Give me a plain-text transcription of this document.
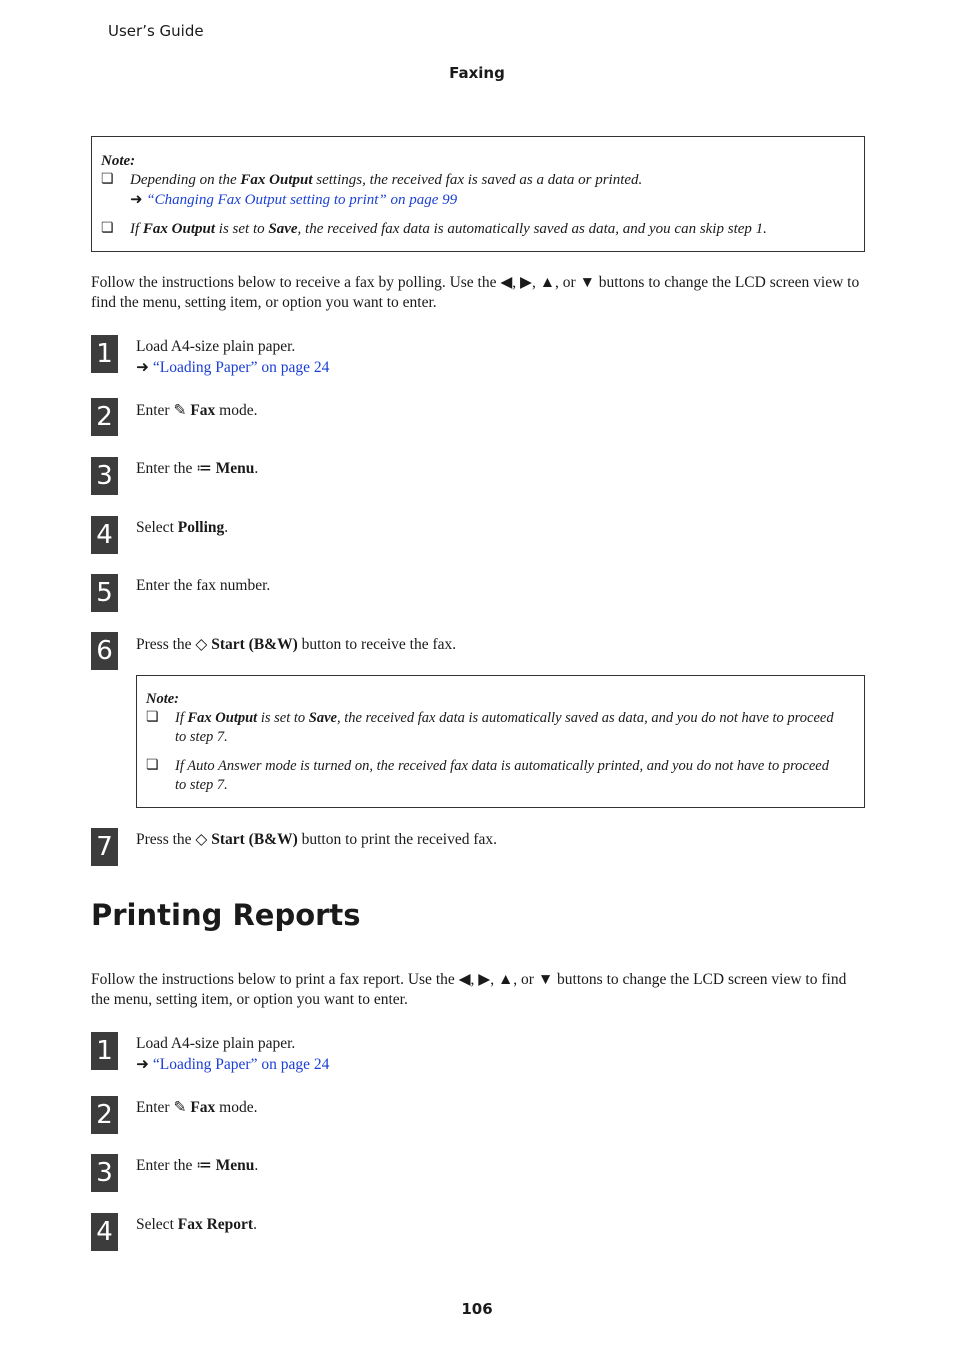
User’s Guide
Faxing
Note:
❏ Depending on the Fax Output settings, the received fax is saved as a data or printed.
➜ “Changing Fax Output setting to print” on page 99
❏ If Fax Output is set to Save, the received fax data is automatically saved as data, and you can skip step 1.
Follow the instructions below to receive a fax by polling. Use the ◀, ▶, ▲, or ▼ buttons to change the LCD screen view to
find the menu, setting item, or option you want to enter.
1	Load A4-size plain paper.
➜ “Loading Paper” on page 24
2	Enter ✎ Fax mode.
3	Enter the ≔ Menu.
4	Select Polling.
5	Enter the fax number.
6	Press the ◇ Start (B&W) button to receive the fax.
Note:
❏ If Fax Output is set to Save, the received fax data is automatically saved as data, and you do not have to proceed
to step 7.
❏ If Auto Answer mode is turned on, the received fax data is automatically printed, and you do not have to proceed
to step 7.
7	Press the ◇ Start (B&W) button to print the received fax.
Printing Reports
Follow the instructions below to print a fax report. Use the ◀, ▶, ▲, or ▼ buttons to change the LCD screen view to find
the menu, setting item, or option you want to enter.
1	Load A4-size plain paper.
➜ “Loading Paper” on page 24
2	Enter ✎ Fax mode.
3	Enter the ≔ Menu.
4	Select Fax Report.
106
